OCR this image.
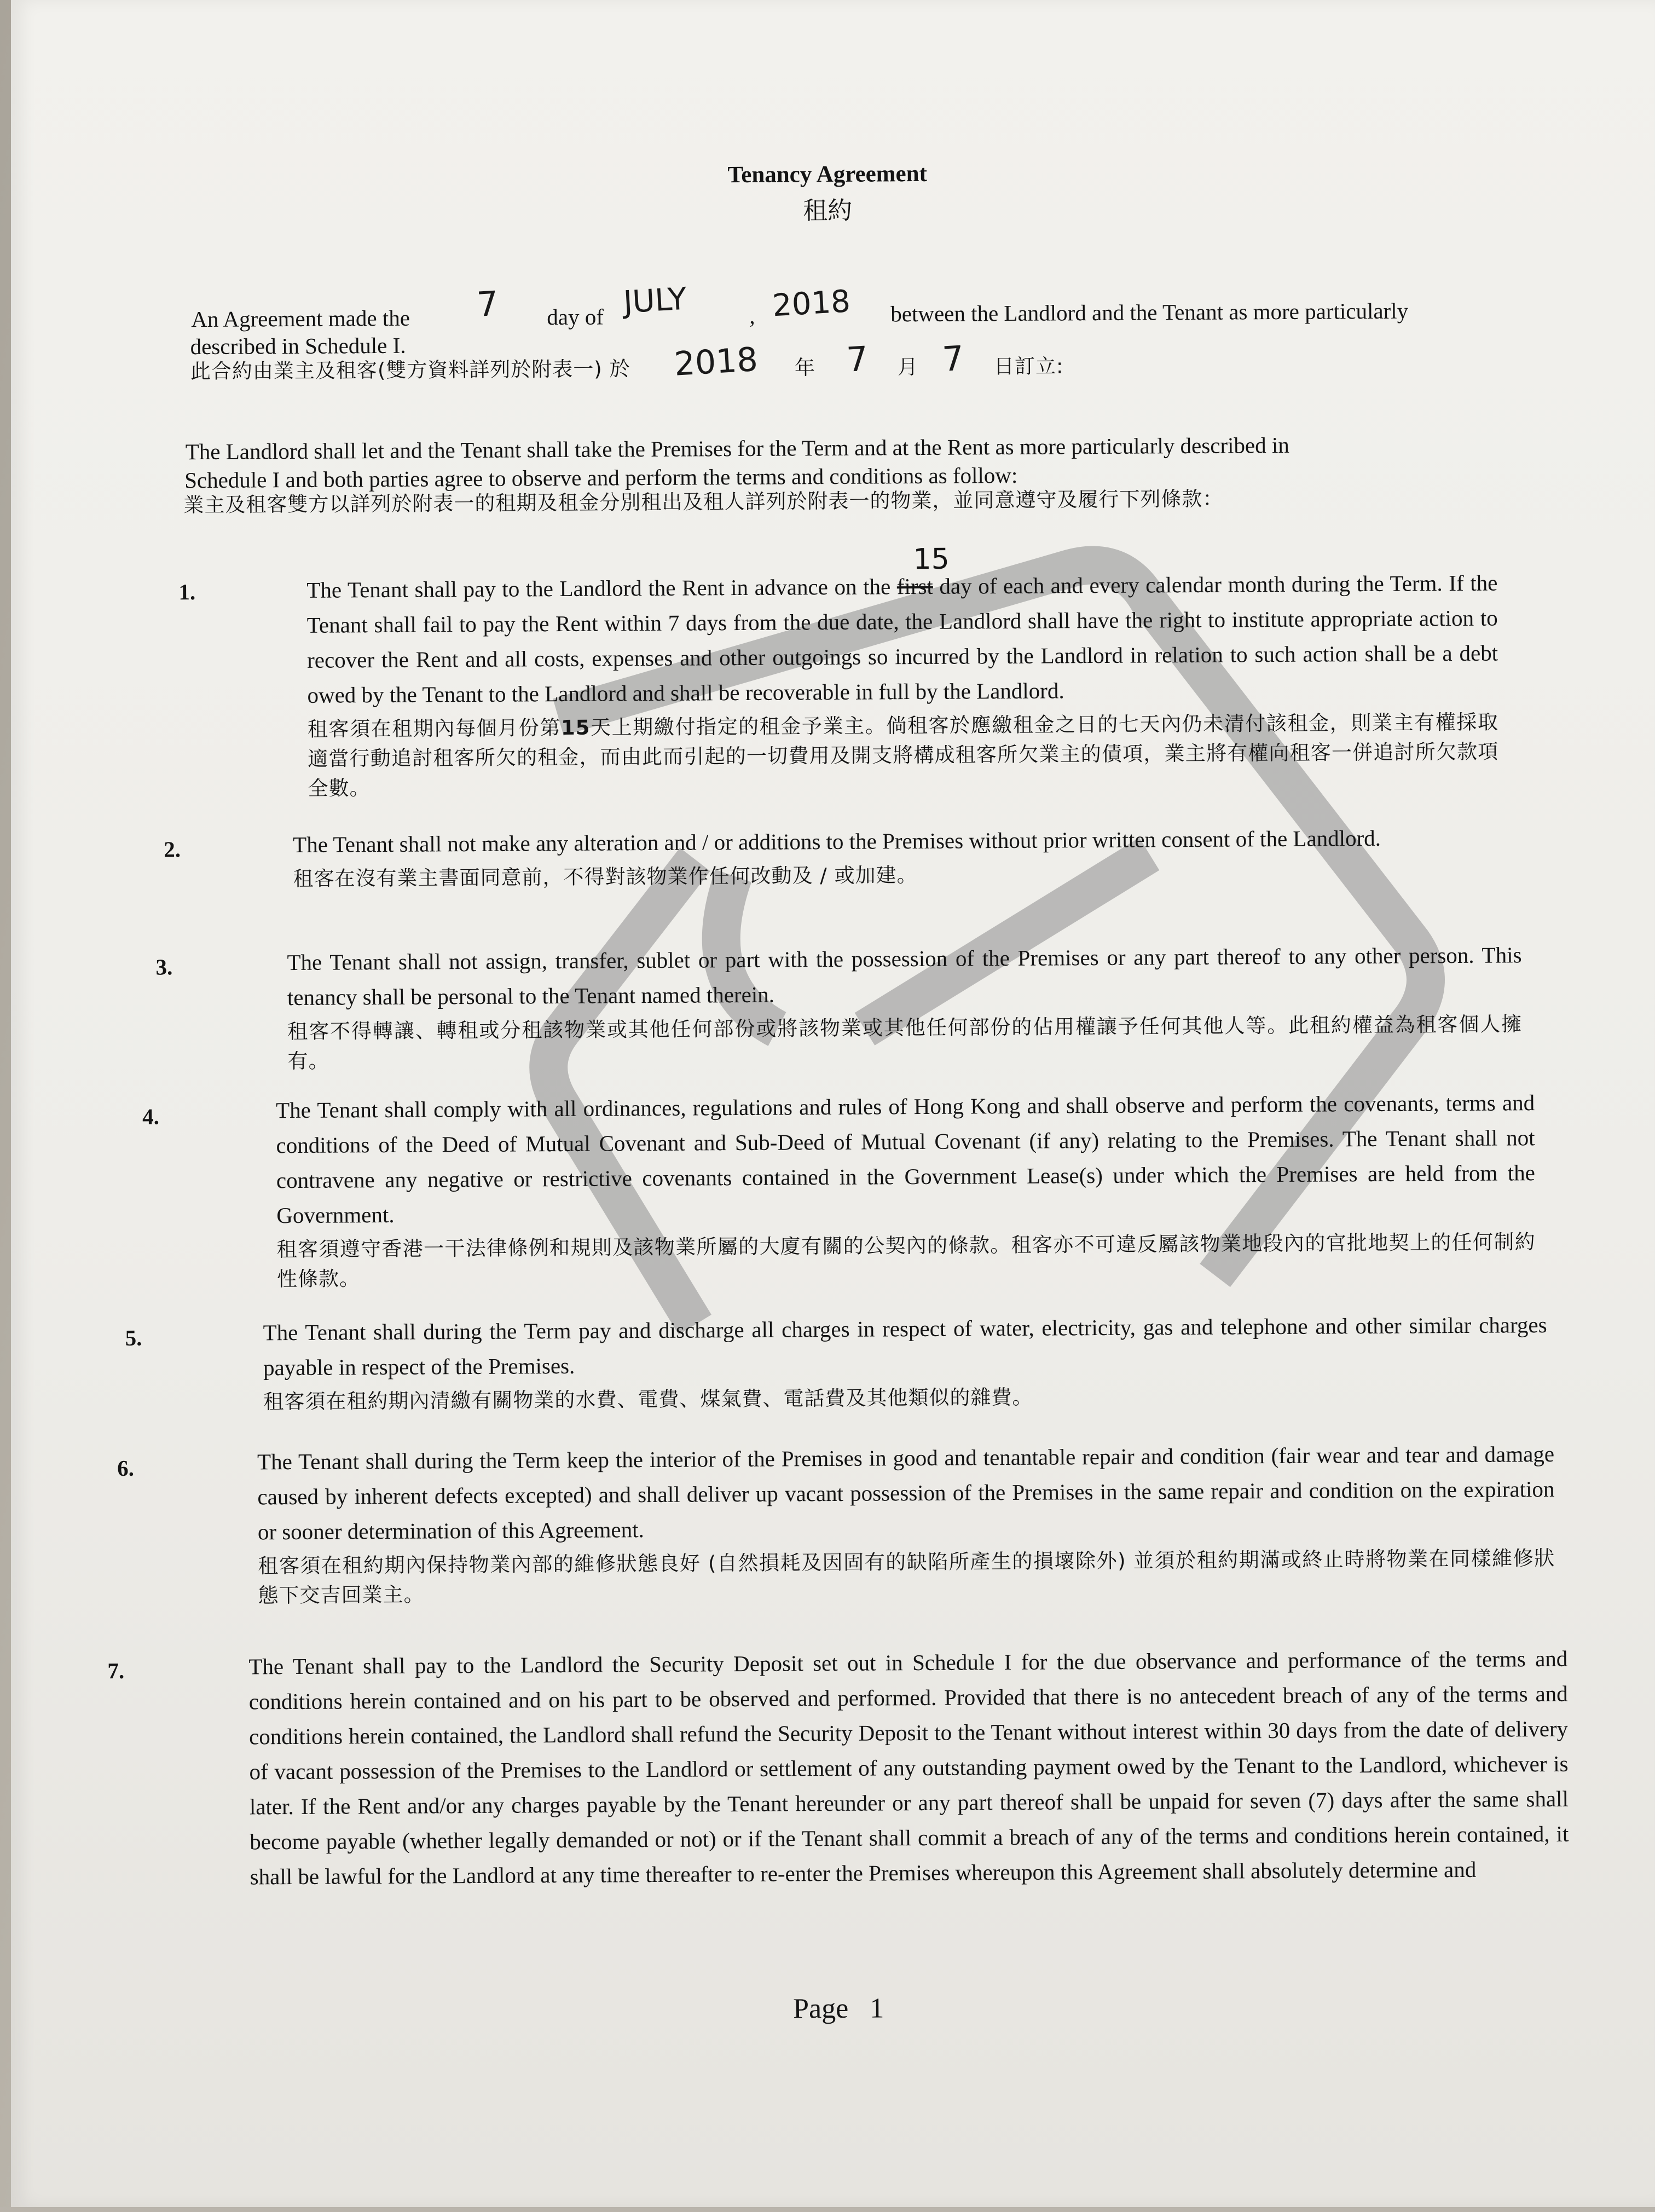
Tenancy Agreement
租約
An Agreement made the 7 day of JULY	, 2018 between the Landlord and the Tenant as more particularly
described in Schedule I.
此合約由業主及租客(雙方資料詳列於附表一) 於 2018 年 7 月 7 日訂立:
The Landlord shall let and the Tenant shall take the Premises for the Term and at the Rent as more particularly described in
Schedule I and both parties agree to observe and perform the terms and conditions as follow:
業主及租客雙方以詳列於附表一的租期及租金分別租出及租人詳列於附表一的物業，並同意遵守及履行下列條款：
1.	The Tenant shall pay to the Landlord the Rent in advance on the first
15
day of each and every calendar month during the Term. If the Tenant shall fail to pay the Rent within 7 days from the due date, the Landlord shall have the right to institute appropriate action to recover the Rent and all costs, expenses and other outgoings so incurred by the Landlord in relation to such action shall be a debt owed by the Tenant to the Landlord and shall be recoverable in full by the Landlord.

租客須在租期內每個月份第15天上期繳付指定的租金予業主。倘租客於應繳租金之日的七天內仍未清付該租金，則業主有權採取適當行動追討租客所欠的租金，而由此而引起的一切費用及開支將構成租客所欠業主的債項，業主將有權向租客一併追討所欠款項全數。
2.	The Tenant shall not make any alteration and / or additions to the Premises without prior written consent of the Landlord.

租客在沒有業主書面同意前，不得對該物業作任何改動及 / 或加建。
3.	The Tenant shall not assign, transfer, sublet or part with the possession of the Premises or any part thereof to any other person. This tenancy shall be personal to the Tenant named therein.

租客不得轉讓、轉租或分租該物業或其他任何部份或將該物業或其他任何部份的佔用權讓予任何其他人等。此租約權益為租客個人擁有。
4.	The Tenant shall comply with all ordinances, regulations and rules of Hong Kong and shall observe and perform the covenants, terms and conditions of the Deed of Mutual Covenant and Sub-Deed of Mutual Covenant (if any) relating to the Premises. The Tenant shall not contravene any negative or restrictive covenants contained in the Government Lease(s) under which the Premises are held from the Government.

租客須遵守香港一干法律條例和規則及該物業所屬的大廈有關的公契內的條款。租客亦不可違反屬該物業地段內的官批地契上的任何制約性條款。
5.	The Tenant shall during the Term pay and discharge all charges in respect of water, electricity, gas and telephone and other similar charges payable in respect of the Premises.

租客須在租約期內清繳有關物業的水費、電費、煤氣費、電話費及其他類似的雜費。
6.	The Tenant shall during the Term keep the interior of the Premises in good and tenantable repair and condition (fair wear and tear and damage caused by inherent defects excepted) and shall deliver up vacant possession of the Premises in the same repair and condition on the expiration or sooner determination of this Agreement.

租客須在租約期內保持物業內部的維修狀態良好 (自然損耗及因固有的缺陷所產生的損壞除外) 並須於租約期滿或終止時將物業在同樣維修狀態下交吉回業主。
7.	The Tenant shall pay to the Landlord the Security Deposit set out in Schedule I for the due observance and performance of the terms and conditions herein contained and on his part to be observed and performed. Provided that there is no antecedent breach of any of the terms and conditions herein contained, the Landlord shall refund the Security Deposit to the Tenant without interest within 30 days from the date of delivery of vacant possession of the Premises to the Landlord or settlement of any outstanding payment owed by the Tenant to the Landlord, whichever is later. If the Rent and/or any charges payable by the Tenant hereunder or any part thereof shall be unpaid for seven (7) days after the same shall become payable (whether legally demanded or not) or if the Tenant shall commit a breach of any of the terms and conditions herein contained, it shall be lawful for the Landlord at any time thereafter to re-enter the Premises whereupon this Agreement shall absolutely determine and

Page 1
